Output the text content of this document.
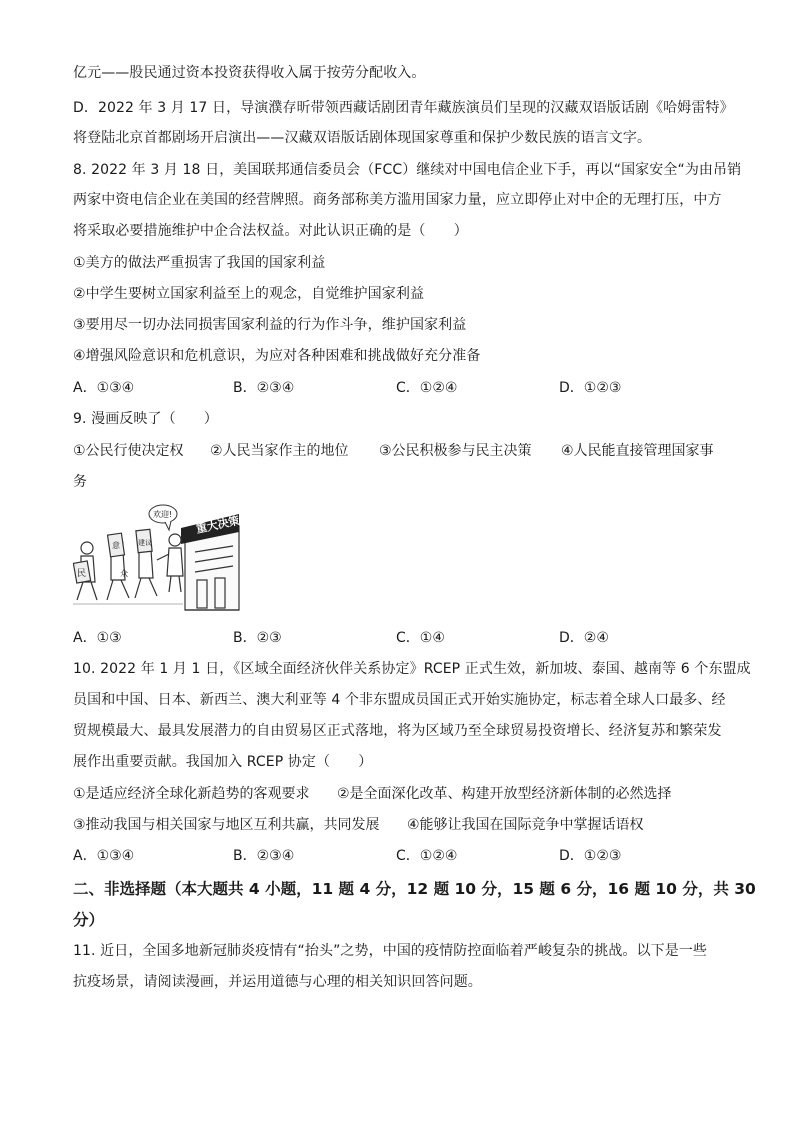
亿元——股民通过资本投资获得收入属于按劳分配收入。
D．2022 年 3 月 17 日，导演濮存昕带领西藏话剧团青年藏族演员们呈现的汉藏双语版话剧《哈姆雷特》
将登陆北京首都剧场开启演出——汉藏双语版话剧体现国家尊重和保护少数民族的语言文字。
8. 2022 年 3 月 18 日，美国联邦通信委员会（FCC）继续对中国电信企业下手，再以“国家安全“为由吊销
两家中资电信企业在美国的经营牌照。商务部称美方滥用国家力量，应立即停止对中企的无理打压，中方
将采取必要措施维护中企合法权益。对此认识正确的是（　　）
①美方的做法严重损害了我国的国家利益
②中学生要树立国家利益至上的观念，自觉维护国家利益
③要用尽一切办法同损害国家利益的行为作斗争，维护国家利益
④增强风险意识和危机意识，为应对各种困难和挑战做好充分准备
A．①③④	B．②③④	C．①②④	D．①②③
9. 漫画反映了（　　）
①公民行使决定权 ②人民当家作主的地位 ③公民积极参与民主决策 ④人民能直接管理国家事
务
重大决策
欢迎!
民
意
众
建议
A．①③	B．②③	C．①④	D．②④
10. 2022 年 1 月 1 日，《区域全面经济伙伴关系协定》RCEP 正式生效，新加坡、泰国、越南等 6 个东盟成
员国和中国、日本、新西兰、澳大利亚等 4 个非东盟成员国正式开始实施协定，标志着全球人口最多、经
贸规模最大、最具发展潜力的自由贸易区正式落地，将为区域乃至全球贸易投资增长、经济复苏和繁荣发
展作出重要贡献。我国加入 RCEP 协定（　　）
①是适应经济全球化新趋势的客观要求 ②是全面深化改革、构建开放型经济新体制的必然选择
③推动我国与相关国家与地区互利共赢，共同发展 ④能够让我国在国际竞争中掌握话语权
A．①③④	B．②③④	C．①②④	D．①②③
二、非选择题（本大题共 4 小题，11 题 4 分，12 题 10 分，15 题 6 分，16 题 10 分，共 30
分）
11. 近日，全国多地新冠肺炎疫情有“抬头”之势，中国的疫情防控面临着严峻复杂的挑战。以下是一些
抗疫场景，请阅读漫画，并运用道德与心理的相关知识回答问题。
